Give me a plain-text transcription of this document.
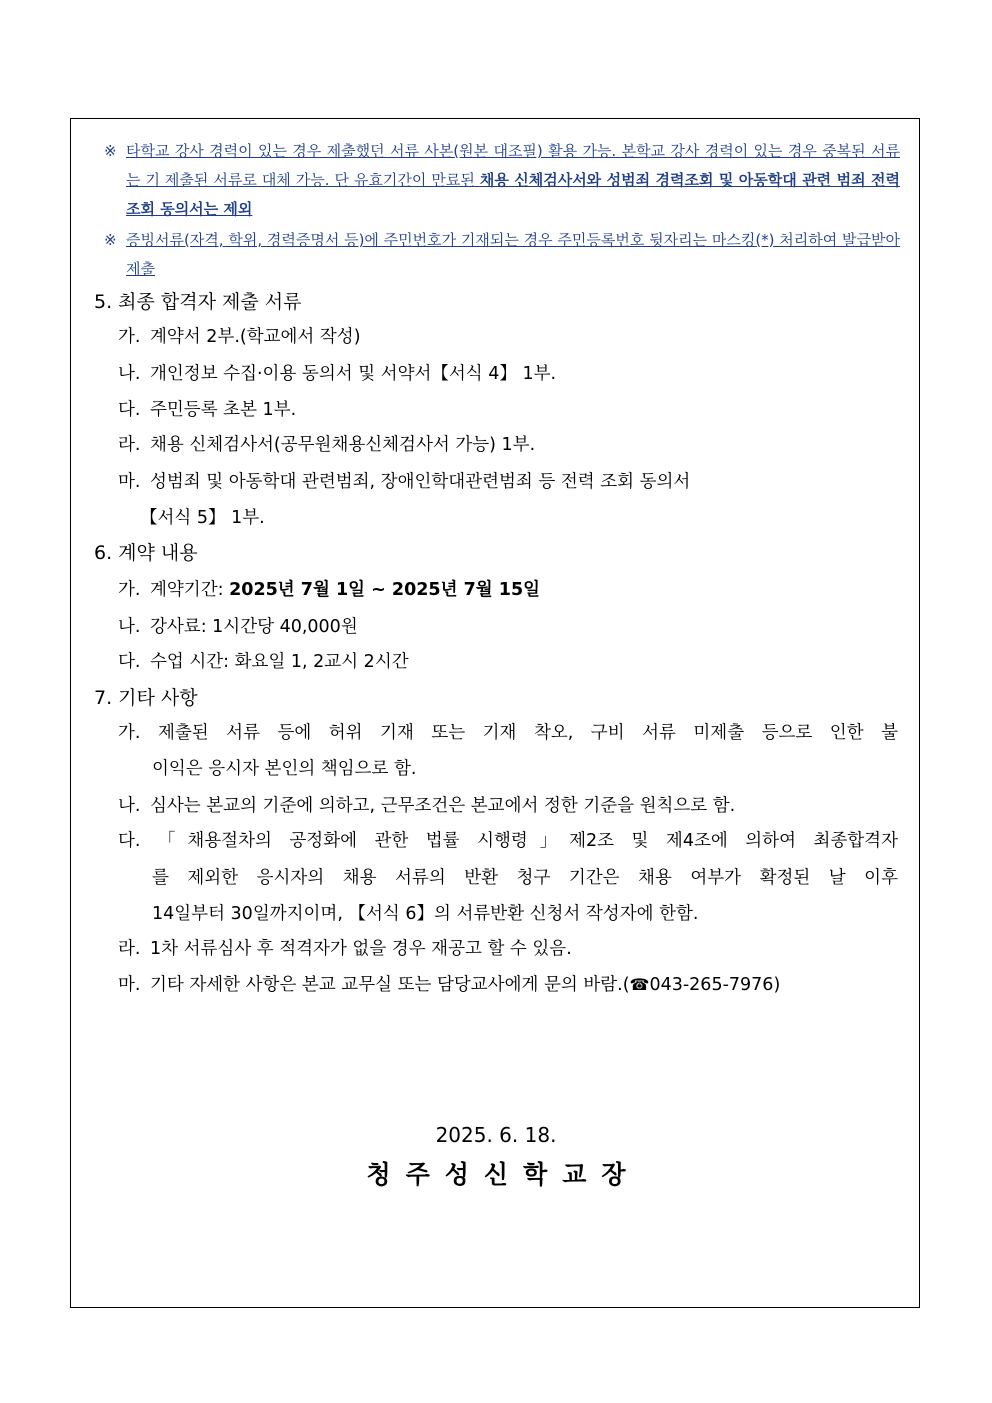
※ 타학교 강사 경력이 있는 경우 제출했던 서류 사본(원본 대조필) 활용 가능. 본학교 강사 경력이 있는 경우 중복된 서류는 기 제출된 서류로 대체 가능. 단 유효기간이 만료된 채용 신체검사서와 성범죄 경력조회 및 아동학대 관련 범죄 전력조회 동의서는 제외
※ 증빙서류(자격, 학위, 경력증명서 등)에 주민번호가 기재되는 경우 주민등록번호 뒷자리는 마스킹(*) 처리하여 발급받아 제출
5. 최종 합격자 제출 서류
가. 계약서 2부.(학교에서 작성)
나. 개인정보 수집·이용 동의서 및 서약서【서식 4】 1부.
다. 주민등록 초본 1부.
라. 채용 신체검사서(공무원채용신체검사서 가능) 1부.
마. 성범죄 및 아동학대 관련범죄, 장애인학대관련범죄 등 전력 조회 동의서
【서식 5】 1부.
6. 계약 내용
가. 계약기간: 2025년 7월 1일 ~ 2025년 7월 15일
나. 강사료: 1시간당 40,000원
다. 수업 시간: 화요일 1, 2교시 2시간
7. 기타 사항
가. 제출된 서류 등에 허위 기재 또는 기재 착오, 구비 서류 미제출 등으로 인한 불
이익은 응시자 본인의 책임으로 함.
나. 심사는 본교의 기준에 의하고, 근무조건은 본교에서 정한 기준을 원칙으로 함.
다. 「채용절차의 공정화에 관한 법률 시행령」제2조 및 제4조에 의하여 최종합격자
를 제외한 응시자의 채용 서류의 반환 청구 기간은 채용 여부가 확정된 날 이후
14일부터 30일까지이며, 【서식 6】의 서류반환 신청서 작성자에 한함.
라. 1차 서류심사 후 적격자가 없을 경우 재공고 할 수 있음.
마. 기타 자세한 사항은 본교 교무실 또는 담당교사에게 문의 바람.(☎043-265-7976)
2025. 6. 18.
청주성신학교장
